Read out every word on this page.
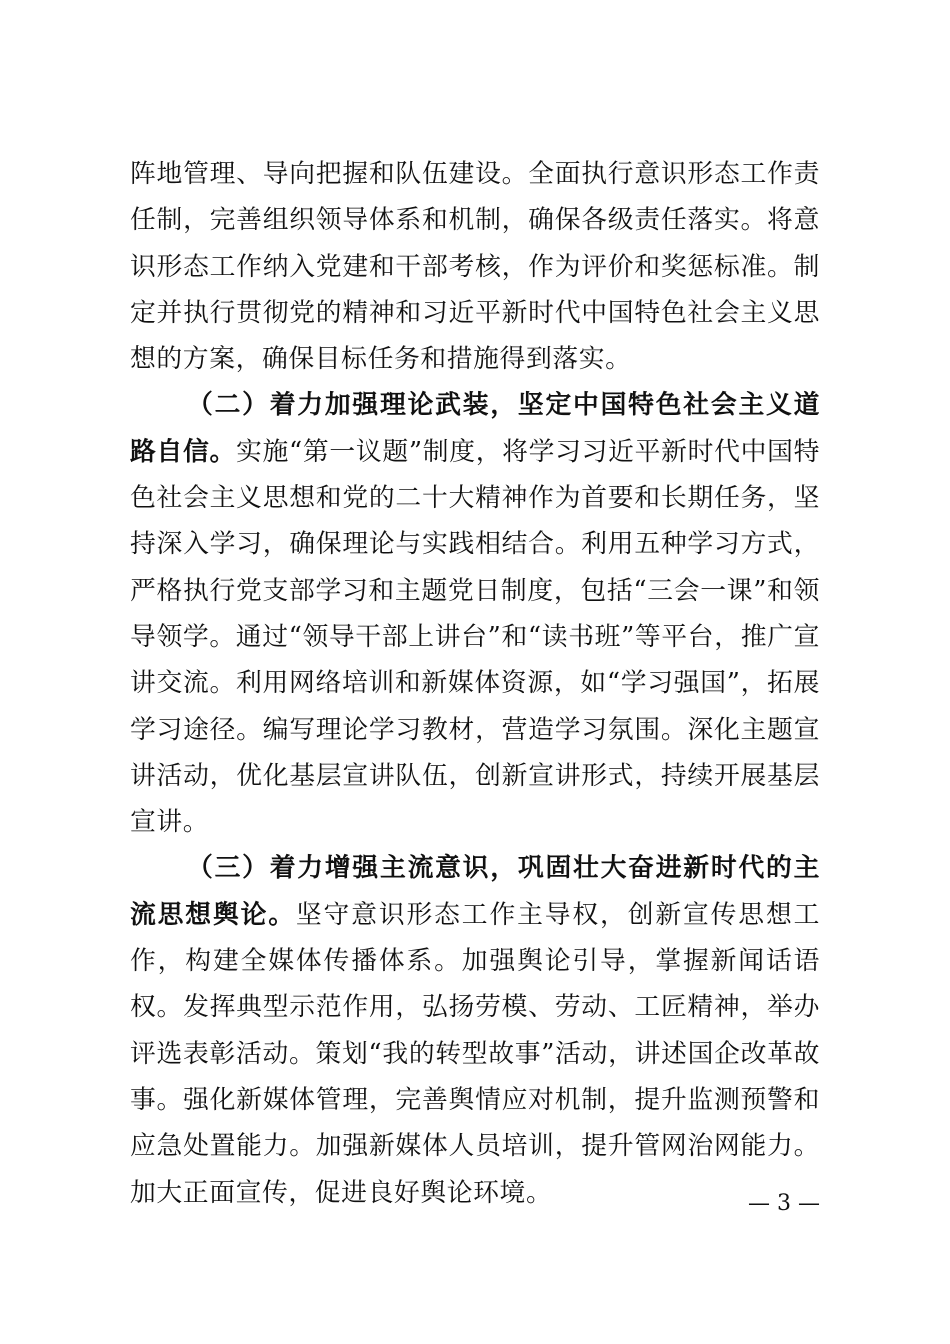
阵地管理、导向把握和队伍建设。全面执行意识形态工作责任制，完善组织领导体系和机制，确保各级责任落实。将意识形态工作纳入党建和干部考核，作为评价和奖惩标准。制定并执行贯彻党的精神和习近平新时代中国特色社会主义思想的方案，确保目标任务和措施得到落实。

（二）着力加强理论武装，坚定中国特色社会主义道路自信。实施“第一议题”制度，将学习习近平新时代中国特色社会主义思想和党的二十大精神作为首要和长期任务，坚持深入学习，确保理论与实践相结合。利用五种学习方式，严格执行党支部学习和主题党日制度，包括“三会一课”和领导领学。通过“领导干部上讲台”和“读书班”等平台，推广宣讲交流。利用网络培训和新媒体资源，如“学习强国”，拓展学习途径。编写理论学习教材，营造学习氛围。深化主题宣讲活动，优化基层宣讲队伍，创新宣讲形式，持续开展基层宣讲。

（三）着力增强主流意识，巩固壮大奋进新时代的主流思想舆论。坚守意识形态工作主导权，创新宣传思想工作，构建全媒体传播体系。加强舆论引导，掌握新闻话语权。发挥典型示范作用，弘扬劳模、劳动、工匠精神，举办评选表彰活动。策划“我的转型故事”活动，讲述国企改革故事。强化新媒体管理，完善舆情应对机制，提升监测预警和应急处置能力。加强新媒体人员培训，提升管网治网能力。加大正面宣传，促进良好舆论环境。	— 3 —
